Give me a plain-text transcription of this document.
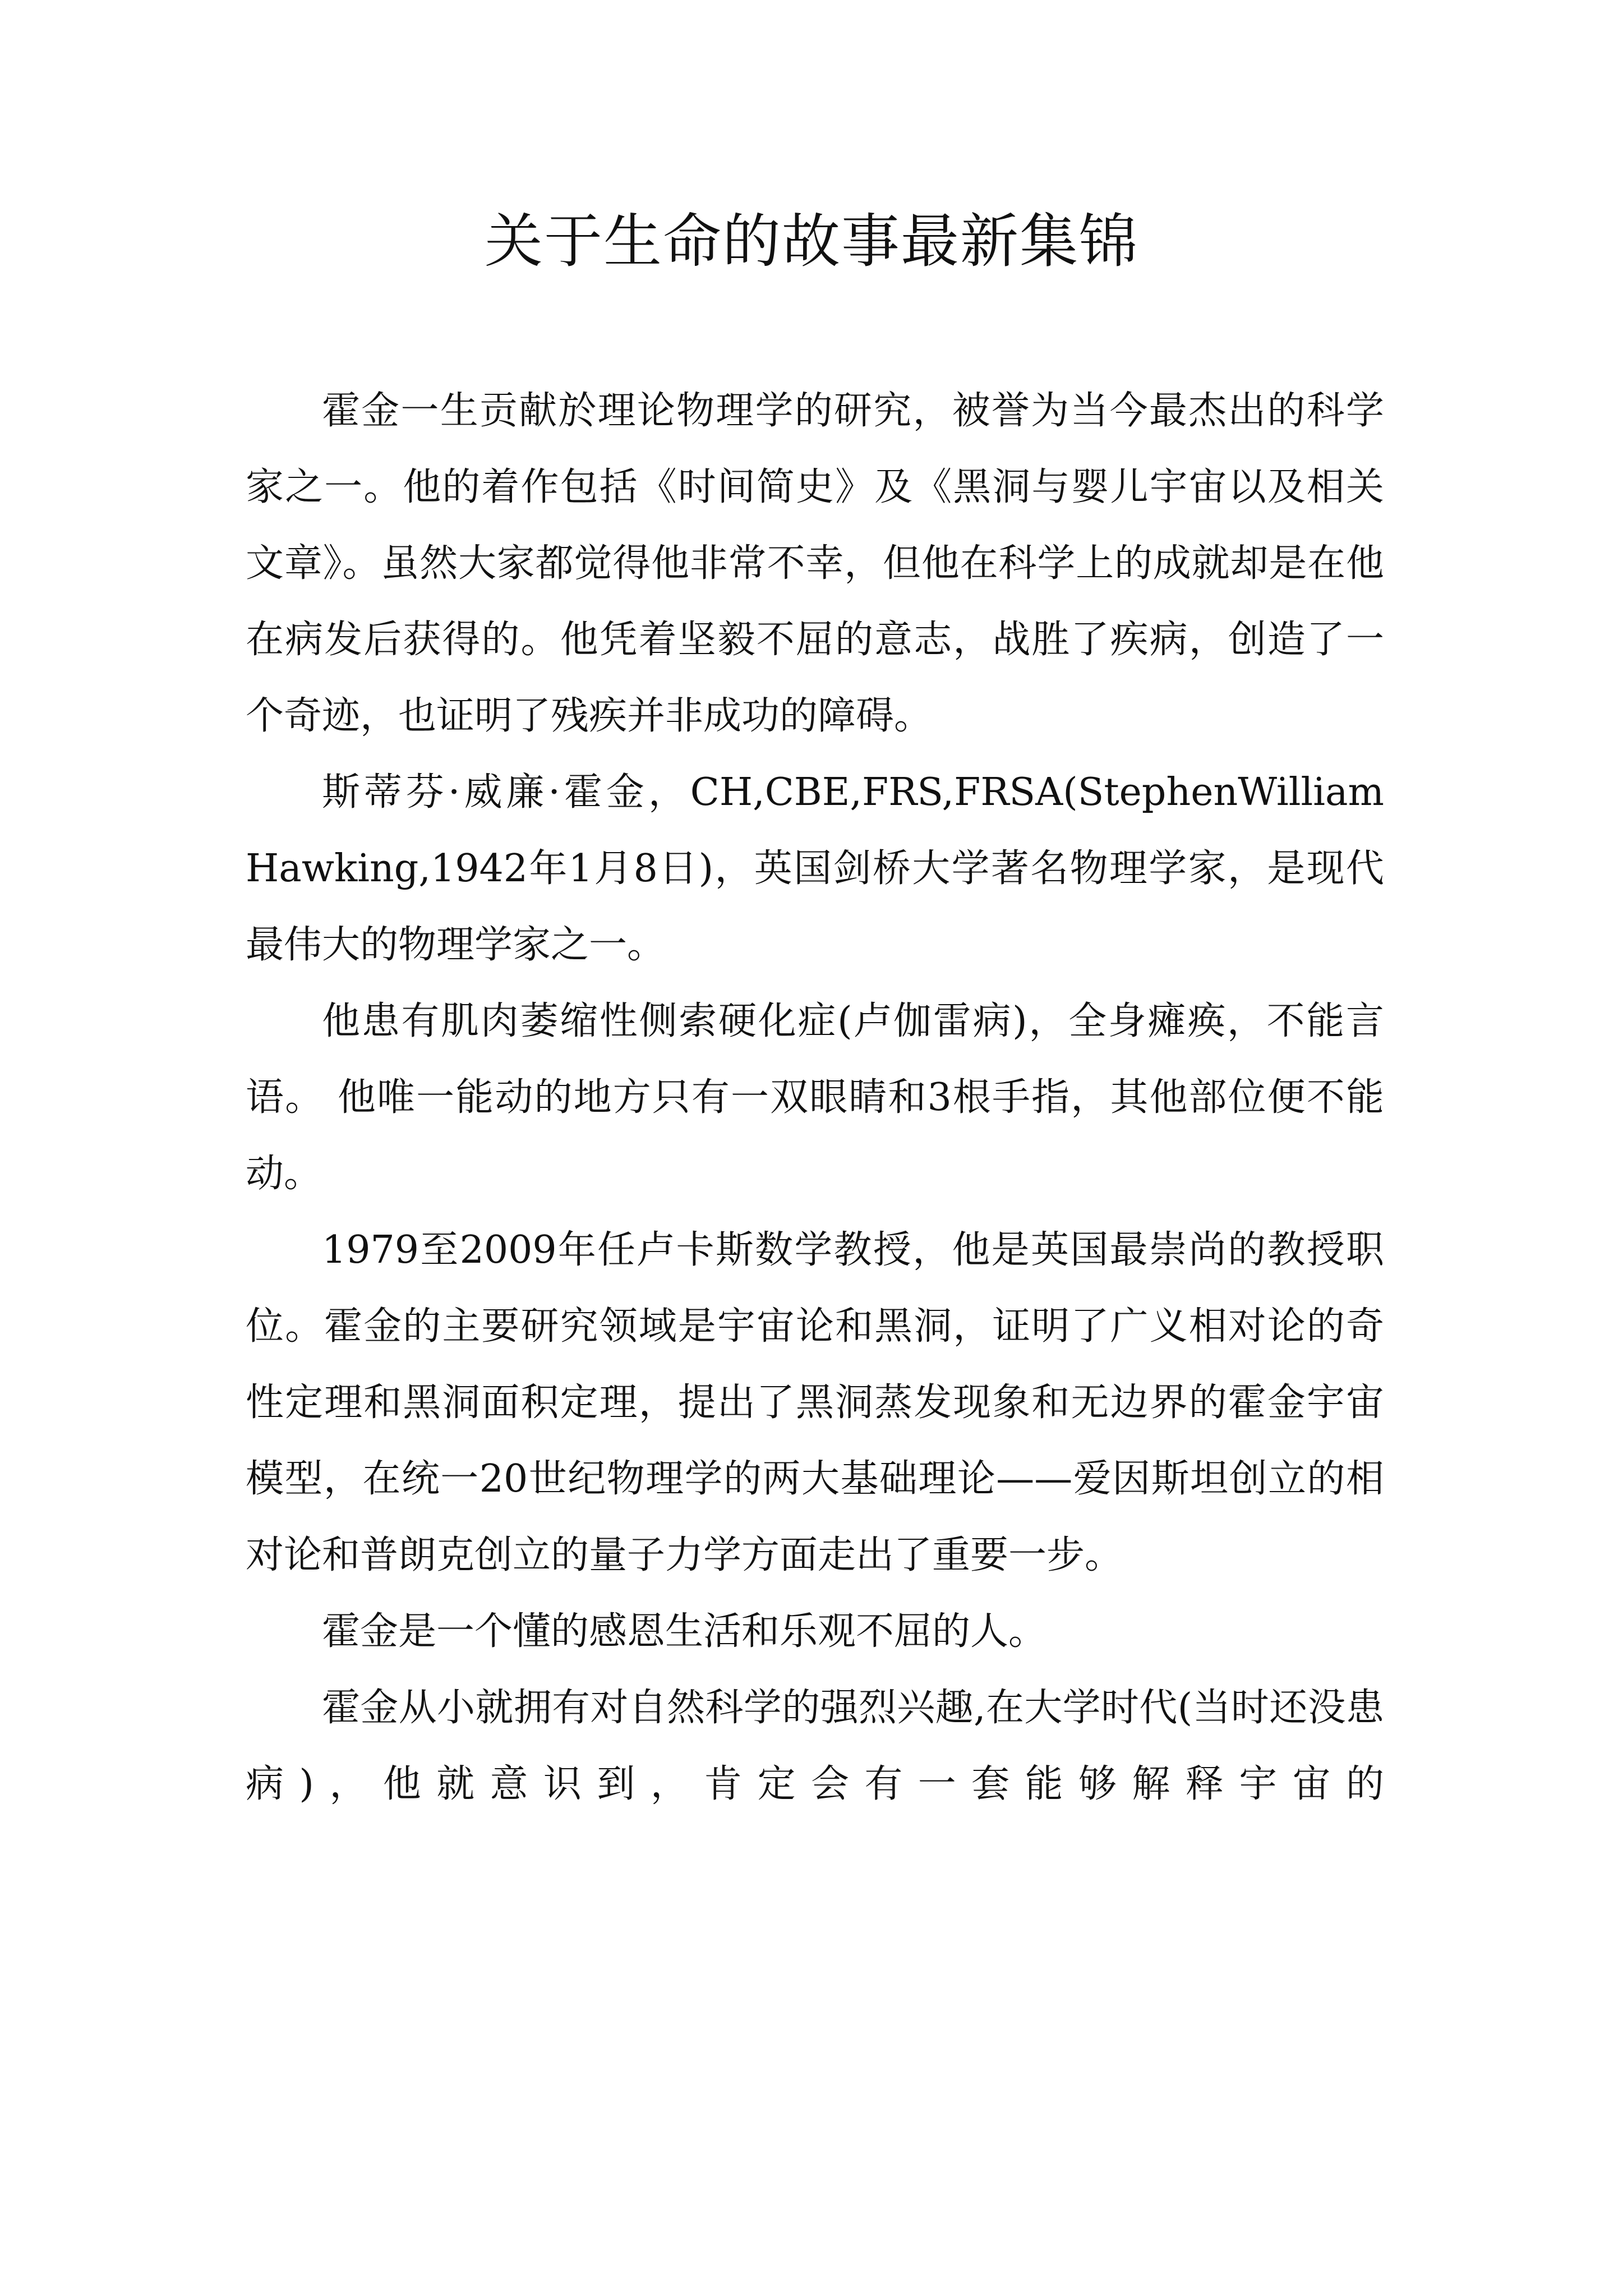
关于生命的故事最新集锦

霍金一生贡献於理论物理学的研究，被誉为当今最杰出的科学家之一。他的着作包括《时间简史》及《黑洞与婴儿宇宙以及相关文章》。虽然大家都觉得他非常不幸，但他在科学上的成就却是在他在病发后获得的。他凭着坚毅不屈的意志，战胜了疾病，创造了一个奇迹，也证明了残疾并非成功的障碍。

斯蒂芬·威廉·霍金，CH,CBE,FRS,FRSA(StephenWilliam Hawking,1942年1月8日)，英国剑桥大学著名物理学家，是现代最伟大的物理学家之一。

他患有肌肉萎缩性侧索硬化症(卢伽雷病)，全身瘫痪，不能言语。 他唯一能动的地方只有一双眼睛和3根手指，其他部位便不能动。

1979至2009年任卢卡斯数学教授，他是英国最崇尚的教授职位。霍金的主要研究领域是宇宙论和黑洞，证明了广义相对论的奇性定理和黑洞面积定理，提出了黑洞蒸发现象和无边界的霍金宇宙模型，在统一20世纪物理学的两大基础理论——爱因斯坦创立的相对论和普朗克创立的量子力学方面走出了重要一步。

霍金是一个懂的感恩生活和乐观不屈的人。

霍金从小就拥有对自然科学的强烈兴趣,在大学时代(当时还没患病)，他就意识到，肯定会有一套能够解释宇宙的
